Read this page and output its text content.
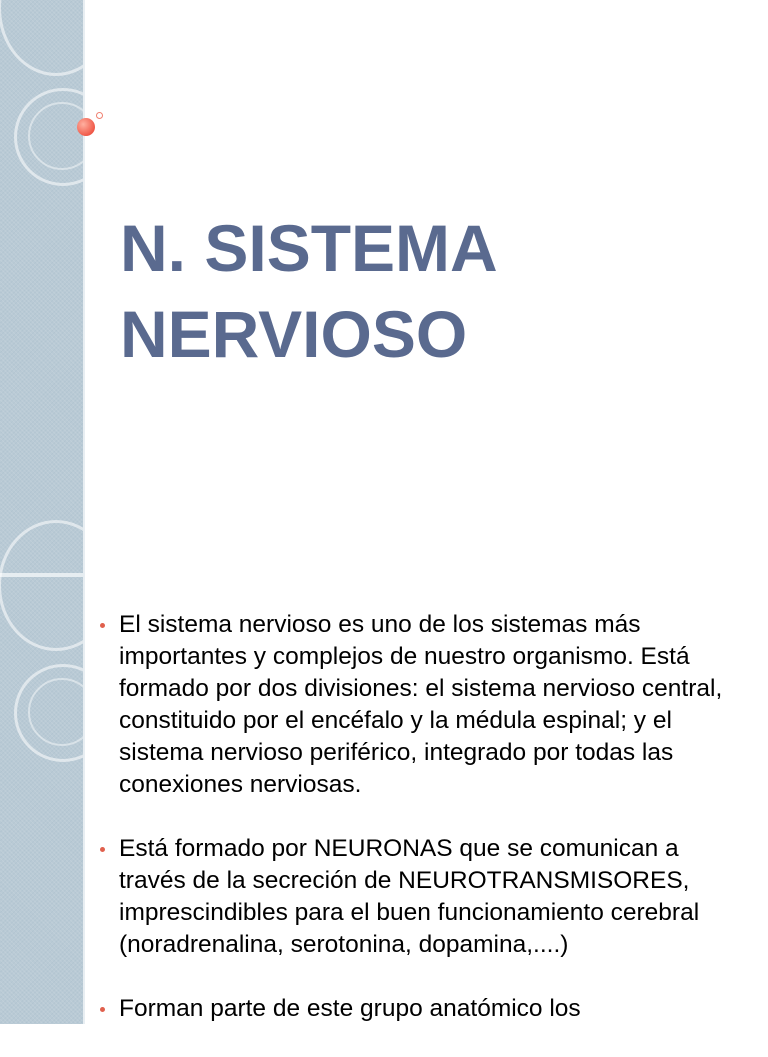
N. SISTEMA
NERVIOSO
El sistema nervioso es uno de los sistemas más importantes y complejos de nuestro organismo. Está formado por dos divisiones: el sistema nervioso central, constituido por el encéfalo y la médula espinal; y el sistema nervioso periférico, integrado por todas las conexiones nerviosas.
Está formado por NEURONAS que se comunican a través de la secreción de NEUROTRANSMISORES, imprescindibles para el buen funcionamiento cerebral (noradrenalina, serotonina, dopamina,....)
Forman parte de este grupo anatómico los
